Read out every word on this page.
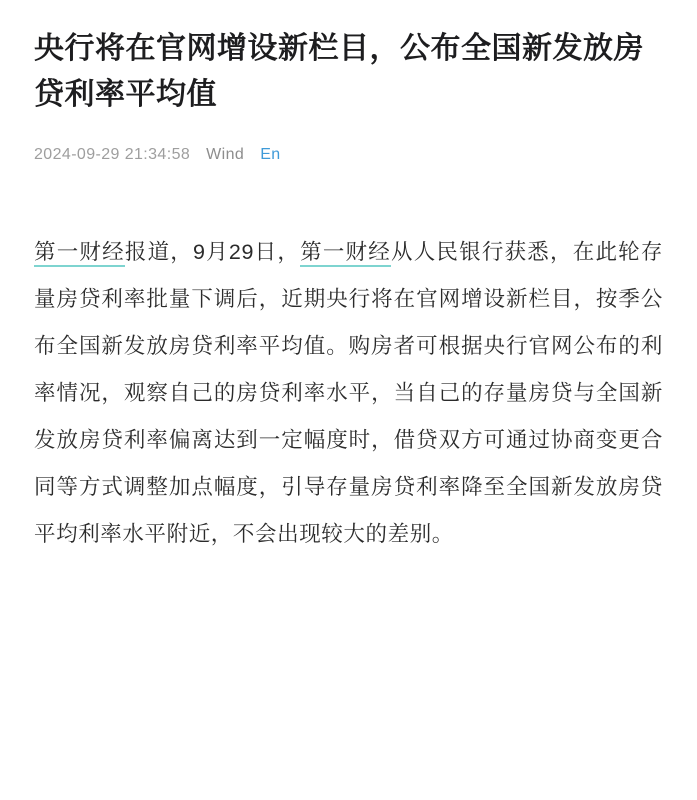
央行将在官网增设新栏目，公布全国新发放房贷利率平均值
2024-09-29 21:34:58 Wind En

第一财经报道，9月29日，第一财经从人民银行获悉，在此轮存量房贷利率批量下调后，近期央行将在官网增设新栏目，按季公布全国新发放房贷利率平均值。购房者可根据央行官网公布的利率情况，观察自己的房贷利率水平，当自己的存量房贷与全国新发放房贷利率偏离达到一定幅度时，借贷双方可通过协商变更合同等方式调整加点幅度，引导存量房贷利率降至全国新发放房贷平均利率水平附近，不会出现较大的差别。
